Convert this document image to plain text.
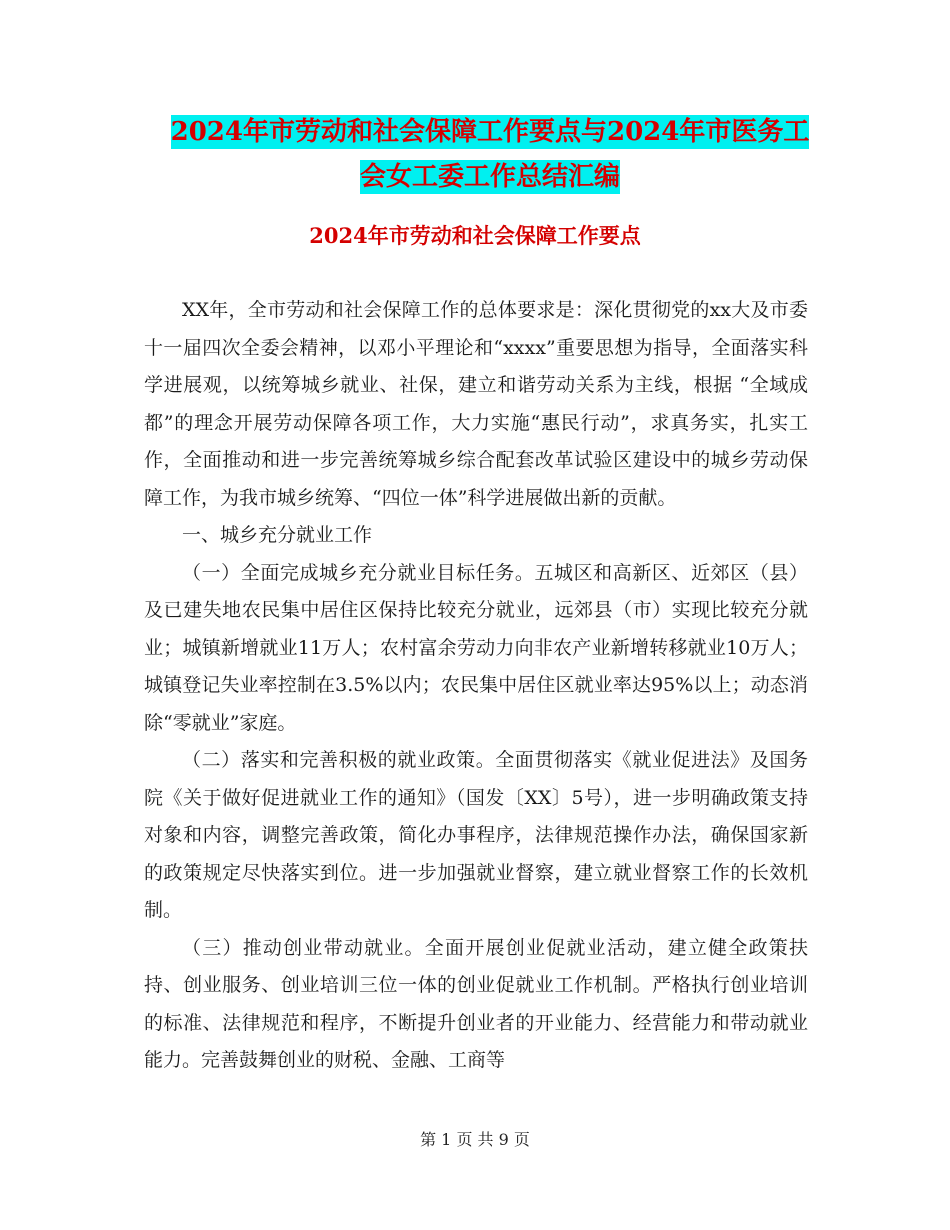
2024年市劳动和社会保障工作要点与2024年市医务工
会女工委工作总结汇编
2024年市劳动和社会保障工作要点

XX年，全市劳动和社会保障工作的总体要求是：深化贯彻党的xx大及市委十一届四次全委会精神，以邓小平理论和“xxxx”重要思想为指导，全面落实科学进展观，以统筹城乡就业、社保，建立和谐劳动关系为主线，根据 “全域成都”的理念开展劳动保障各项工作，大力实施“惠民行动”，求真务实，扎实工作，全面推动和进一步完善统筹城乡综合配套改革试验区建设中的城乡劳动保障工作，为我市城乡统筹、“四位一体”科学进展做出新的贡献。

一、城乡充分就业工作

（一）全面完成城乡充分就业目标任务。五城区和高新区、近郊区（县）及已建失地农民集中居住区保持比较充分就业，远郊县（市）实现比较充分就业；城镇新增就业11万人；农村富余劳动力向非农产业新增转移就业10万人；城镇登记失业率控制在3.5%以内；农民集中居住区就业率达95%以上；动态消除“零就业”家庭。

（二）落实和完善积极的就业政策。全面贯彻落实《就业促进法》及国务院《关于做好促进就业工作的通知》（国发〔XX〕5号），进一步明确政策支持对象和内容，调整完善政策，简化办事程序，法律规范操作办法，确保国家新的政策规定尽快落实到位。进一步加强就业督察，建立就业督察工作的长效机制。

（三）推动创业带动就业。全面开展创业促就业活动，建立健全政策扶持、创业服务、创业培训三位一体的创业促就业工作机制。严格执行创业培训的标准、法律规范和程序，不断提升创业者的开业能力、经营能力和带动就业能力。完善鼓舞创业的财税、金融、工商等

第 1 页 共 9 页
